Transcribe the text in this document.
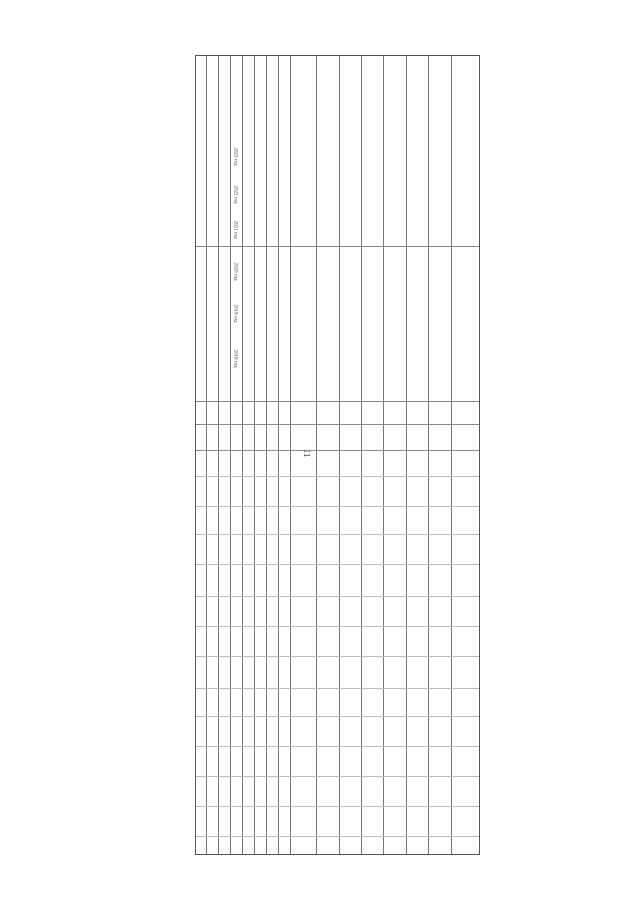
11
2018 год
2019 год
2020 год
2021 год
2022 год
2023 год
